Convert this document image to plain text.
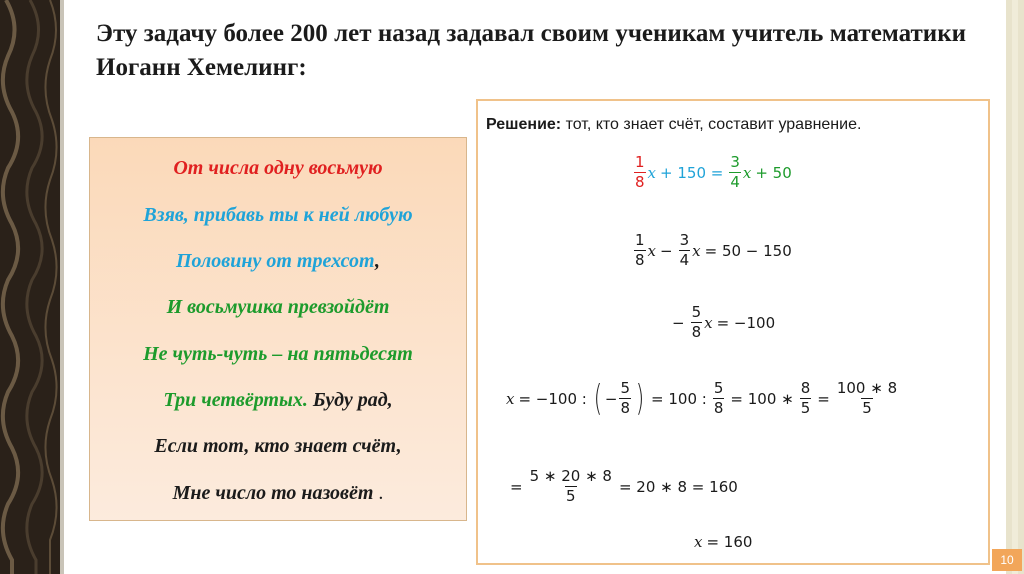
Эту задачу более 200 лет назад задавал своим ученикам учитель математики Иоганн Хемелинг:
От числа одну восьмую
Взяв, прибавь ты к ней любую
Половину от трехсот,
И восьмушка превзойдёт
Не чуть-чуть – на пятьдесят
Три четвёртых. Буду рад,
Если тот, кто знает счёт,
Мне число то назовёт .
Решение: тот, кто знает счёт, составит уравнение.
$\frac{1}{8}$ $x + 150 = \frac{3}{4}$ x + 50
$\frac{1}{8}$ $x - \frac{3}{4}$ x = 50 − 150
− $\frac{5}{8}$ x = −100
x = −100 : ( − $\frac{5}{8}$ ) = 100 : $\frac{5}{8} = 100$ ∗ $\frac{8}{5} = \frac{100 ∗ 8}{5}$
= $\frac{5 ∗ 20 ∗ 8}{5} = 20$ ∗ 8 = 160
x = 160
10
